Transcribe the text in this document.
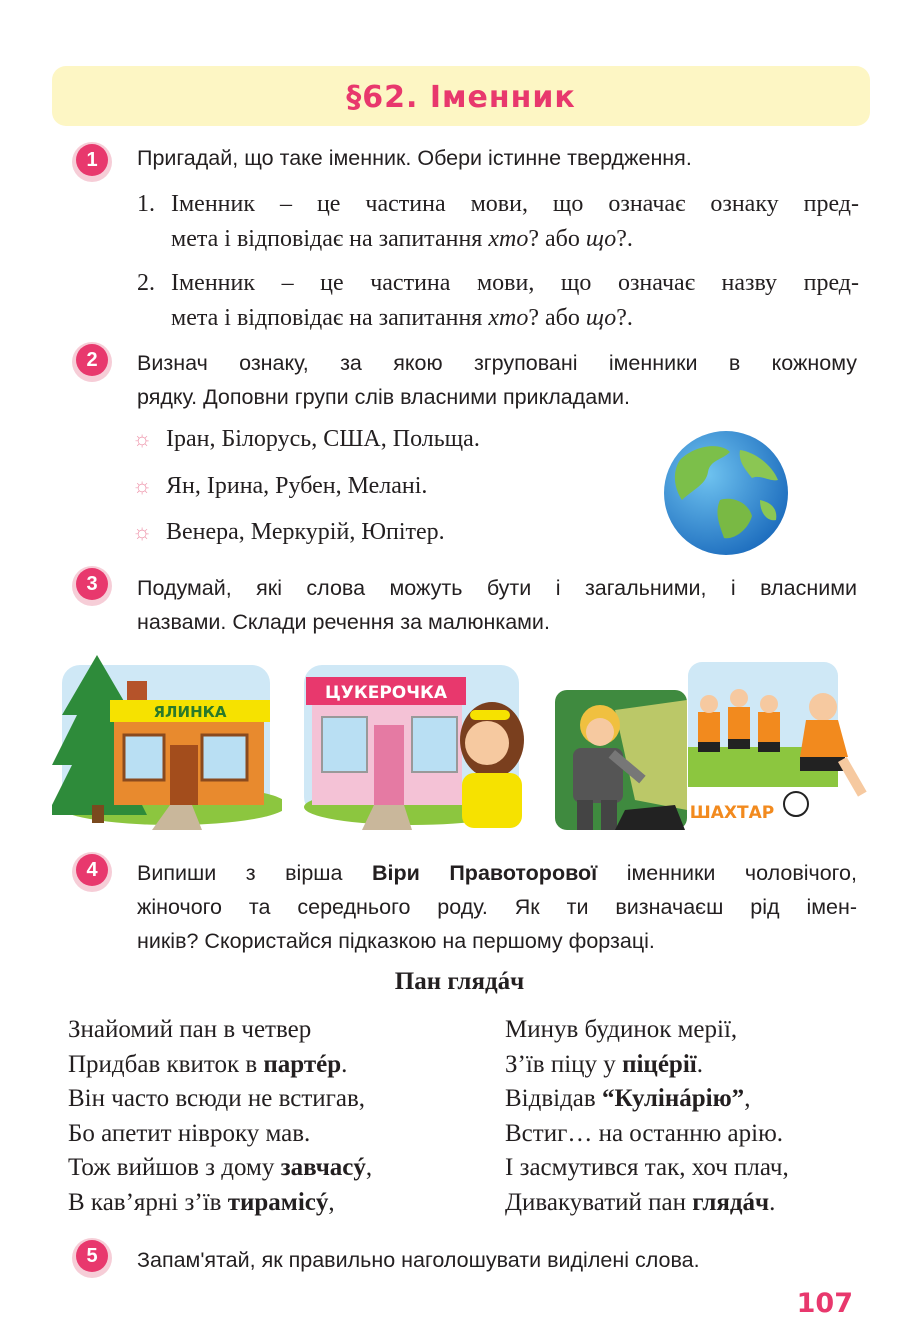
§62. Іменник
1	Пригадай, що таке іменник. Обери істинне твердження.
1. Іменник – це частина мови, що означає ознаку пред-
мета і відповідає на запитання хто? або що?.
2. Іменник – це частина мови, що означає назву пред-
мета і відповідає на запитання хто? або що?.
2	Визнач ознаку, за якою згруповані іменники в кожному
рядку. Доповни групи слів власними прикладами.
☼ Іран, Білорусь, США, Польща.
☼ Ян, Ірина, Рубен, Мелані.
☼ Венера, Меркурій, Юпітер.
3	Подумай, які слова можуть бути і загальними, і власними
назвами. Склади речення за малюнками.
ЯЛИНКА
ЦУКЕРОЧКА
ШАХТАР
4	Випиши з вірша Віри Правоторової іменники чоловічого,
жіночого та середнього роду. Як ти визначаєш рід імен-
ників? Скористайся підказкою на першому форзаці.
Пан глядáч
Знайомий пан в четвер
Придбав квиток в партéр.
Він часто всюди не встигав,
Бо апетит нівроку мав.
Тож вийшов з дому завчасý,
В кав’ярні з’їв тирамісý,
Минув будинок мерії,
З’їв піцу у піцéрії.
Відвідав “Кулінáрію”,
Встиг… на останню арію.
І засмутився так, хоч плач,
Дивакуватий пан глядáч.
5	Запам'ятай, як правильно наголошувати виділені слова.
107
